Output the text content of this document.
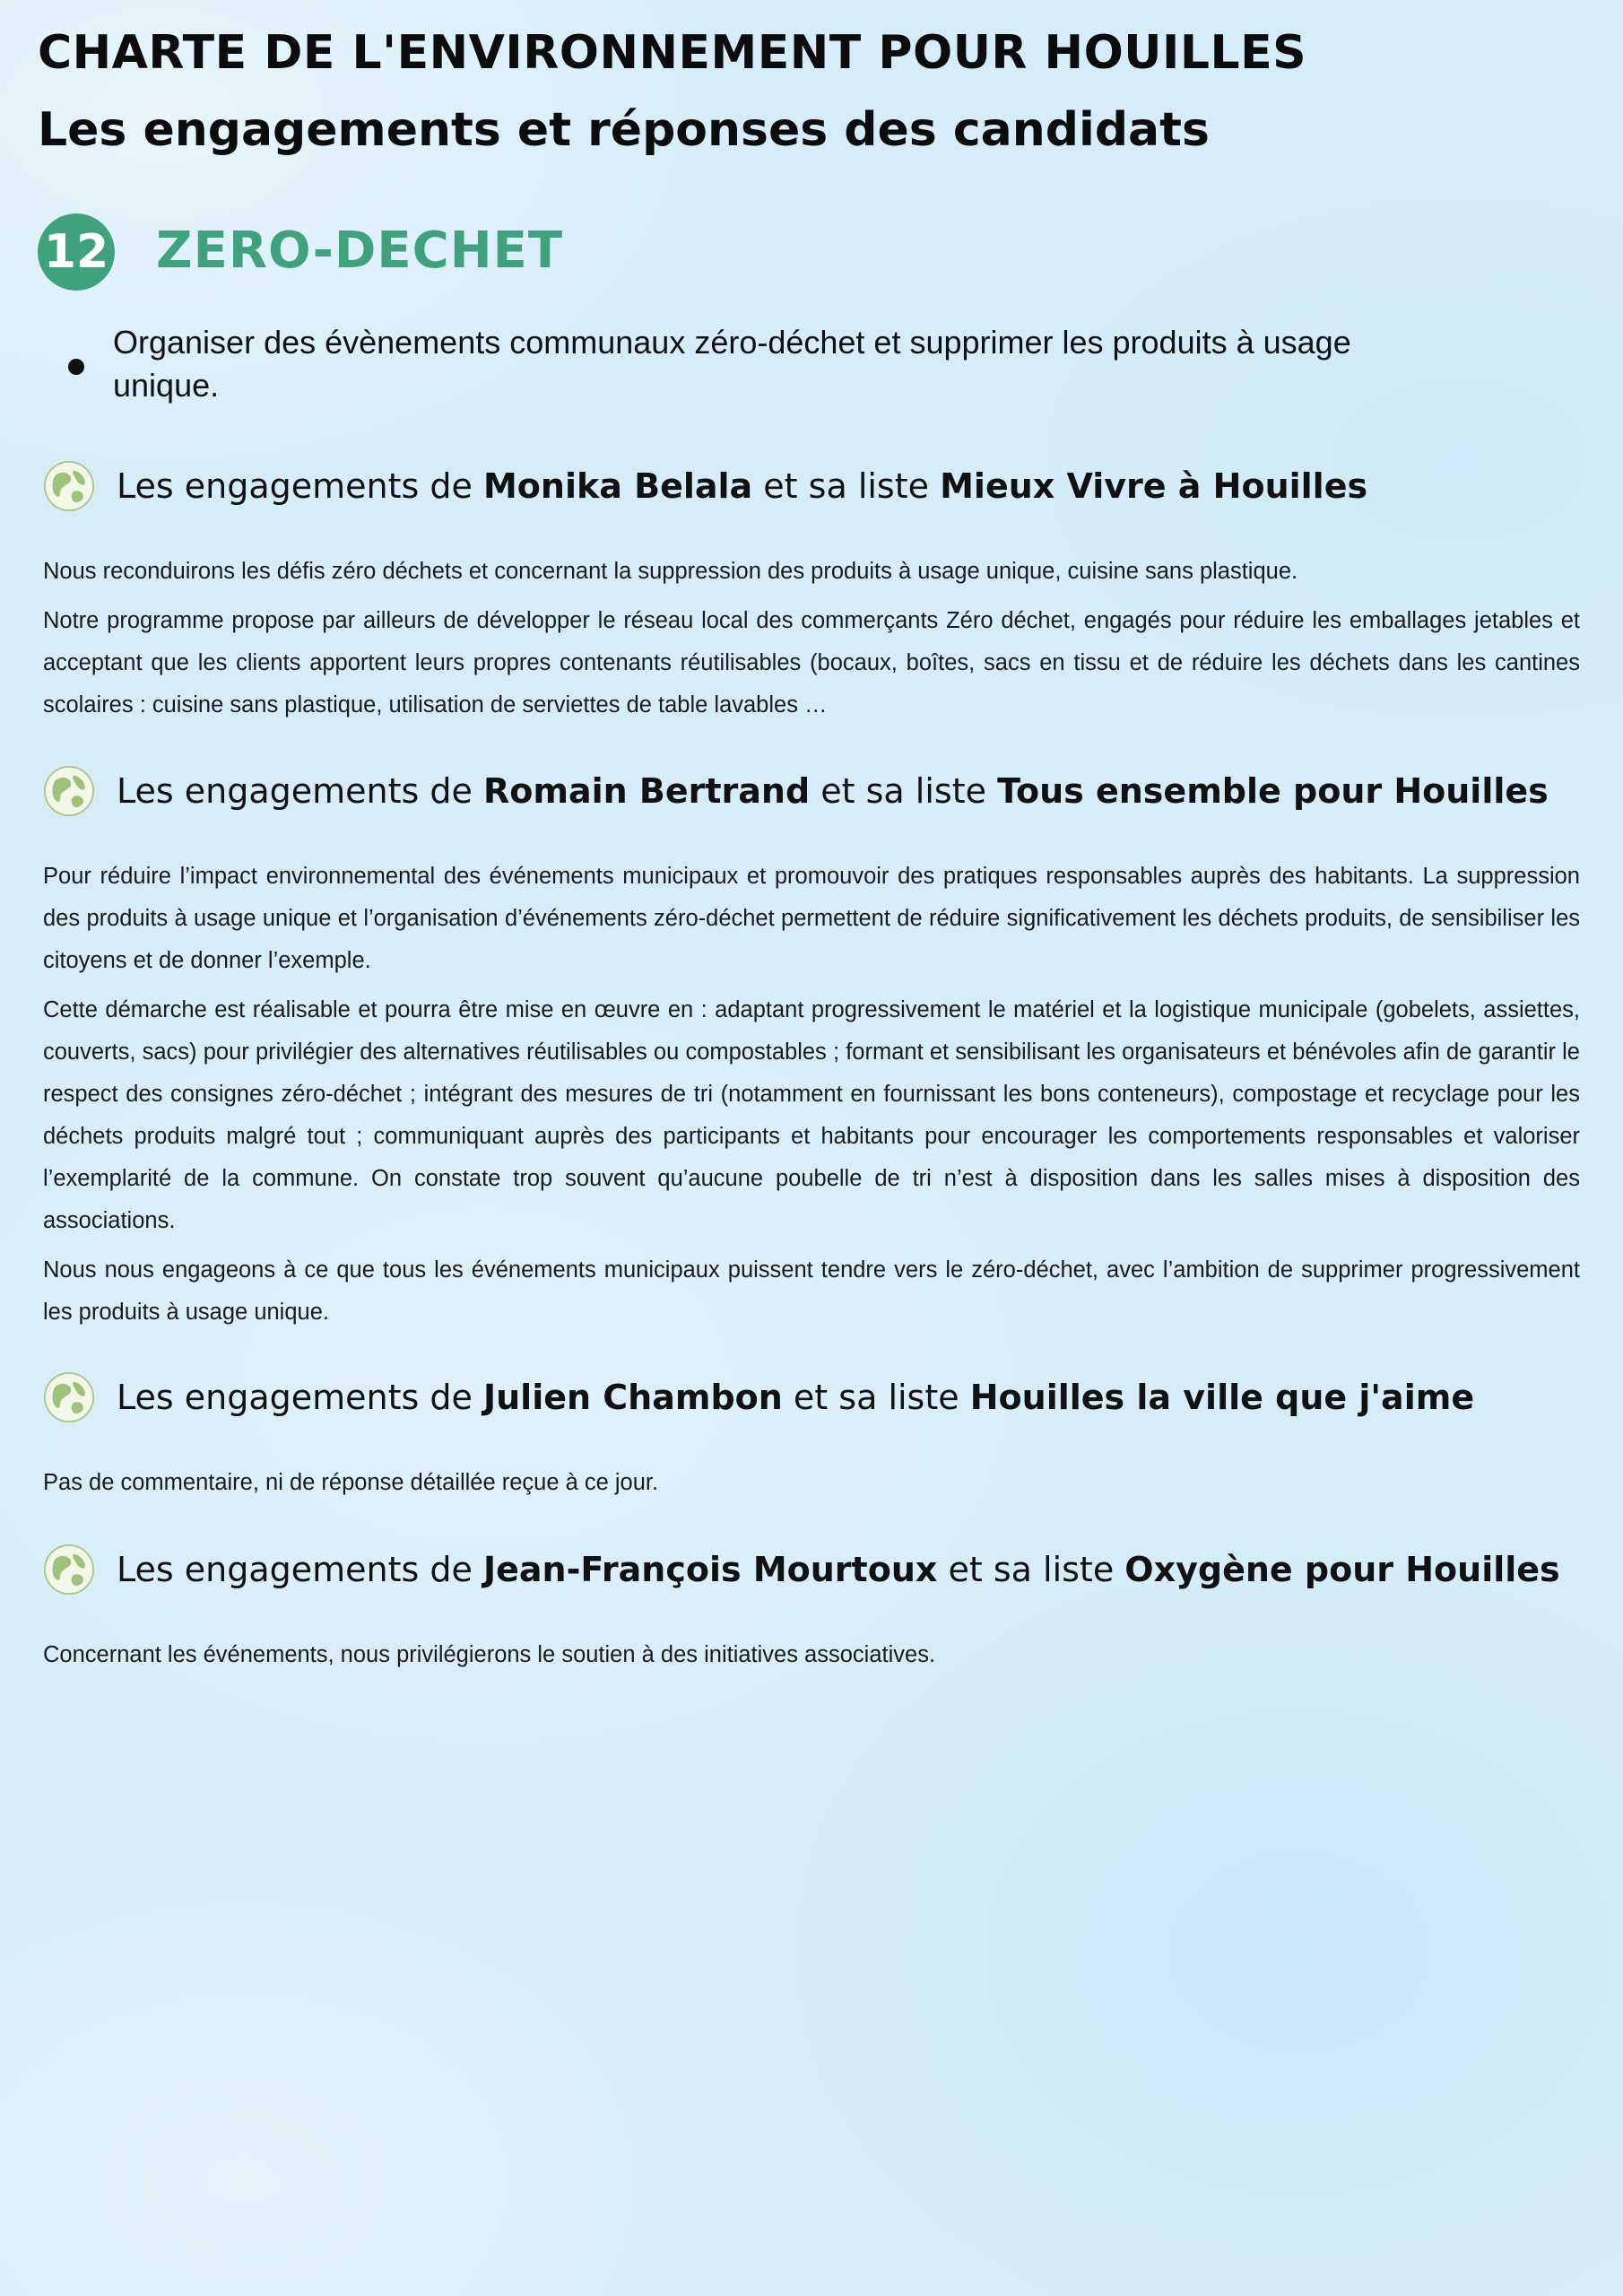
CHARTE DE L'ENVIRONNEMENT POUR HOUILLES
Les engagements et réponses des candidats
12 ZERO-DECHET
Organiser des évènements communaux zéro-déchet et supprimer les produits à usage unique.
Les engagements de Monika Belala et sa liste Mieux Vivre à Houilles

Nous reconduirons les défis zéro déchets et concernant la suppression des produits à usage unique, cuisine sans plastique.

Notre programme propose par ailleurs de développer le réseau local des commerçants Zéro déchet, engagés pour réduire les emballages jetables et acceptant que les clients apportent leurs propres contenants réutilisables (bocaux, boîtes, sacs en tissu et de réduire les déchets dans les cantines scolaires : cuisine sans plastique, utilisation de serviettes de table lavables …

Les engagements de Romain Bertrand et sa liste Tous ensemble pour Houilles

Pour réduire l’impact environnemental des événements municipaux et promouvoir des pratiques responsables auprès des habitants. La suppression des produits à usage unique et l’organisation d’événements zéro-déchet permettent de réduire significativement les déchets produits, de sensibiliser les citoyens et de donner l’exemple.

Cette démarche est réalisable et pourra être mise en œuvre en : adaptant progressivement le matériel et la logistique municipale (gobelets, assiettes, couverts, sacs) pour privilégier des alternatives réutilisables ou compostables ; formant et sensibilisant les organisateurs et bénévoles afin de garantir le respect des consignes zéro-déchet ; intégrant des mesures de tri (notamment en fournissant les bons conteneurs), compostage et recyclage pour les déchets produits malgré tout ; communiquant auprès des participants et habitants pour encourager les comportements responsables et valoriser l’exemplarité de la commune. On constate trop souvent qu’aucune poubelle de tri n’est à disposition dans les salles mises à disposition des associations.

Nous nous engageons à ce que tous les événements municipaux puissent tendre vers le zéro-déchet, avec l’ambition de supprimer progressivement les produits à usage unique.

Les engagements de Julien Chambon et sa liste Houilles la ville que j'aime

Pas de commentaire, ni de réponse détaillée reçue à ce jour.

Les engagements de Jean-François Mourtoux et sa liste Oxygène pour Houilles

Concernant les événements, nous privilégierons le soutien à des initiatives associatives.
